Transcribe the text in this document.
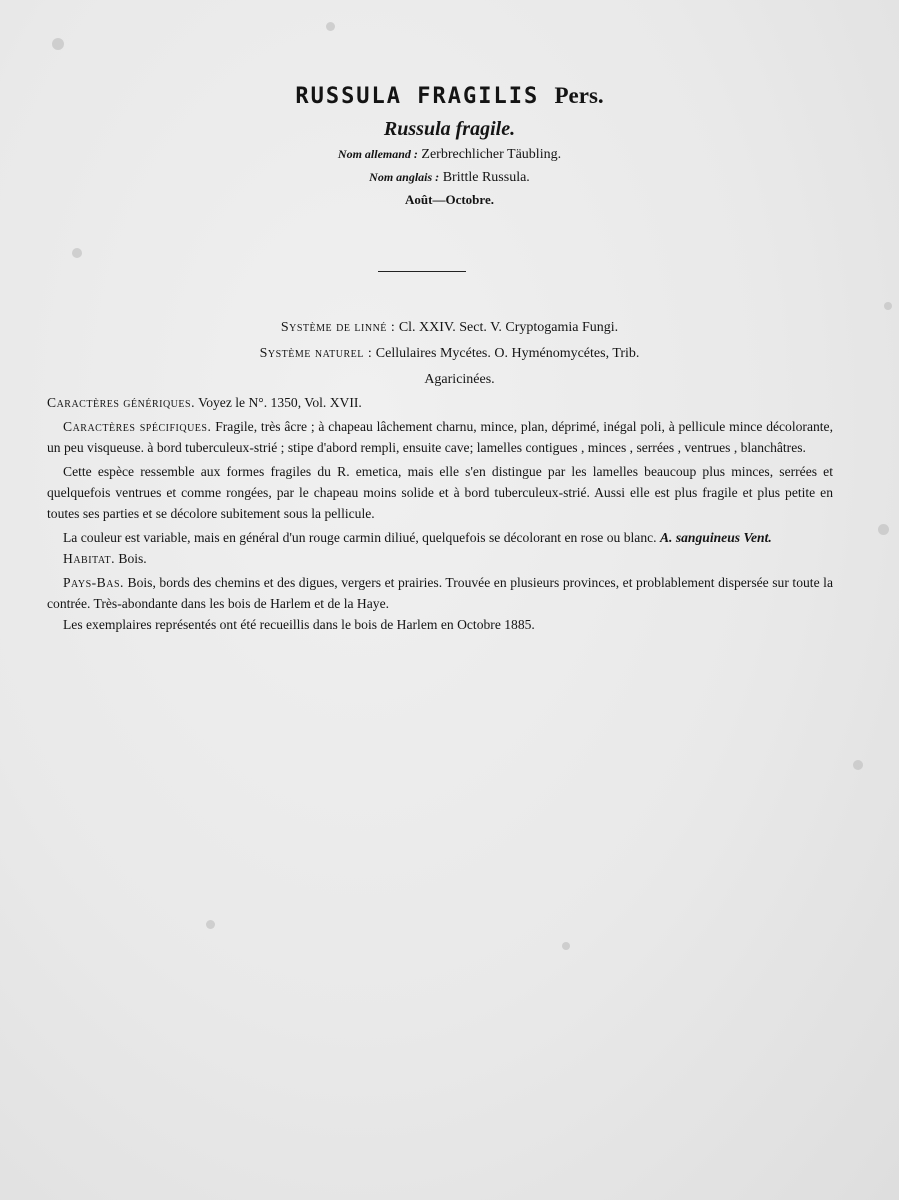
RUSSULA FRAGILIS Pers.
Russula fragile.
Nom allemand : Zerbrechlicher Täubling.
Nom anglais : Brittle Russula.
Août—Octobre.
Système de linné : Cl. XXIV. Sect. V. Cryptogamia Fungi.
Système naturel : Cellulaires Mycétes. O. Hyménomycétes, Trib.
Agaricinées.

Caractères génériques. Voyez le N°. 1350, Vol. XVII.

Caractères spécifiques. Fragile, très âcre ; à chapeau lâchement charnu, mince, plan, déprimé, inégal poli, à pellicule mince décolorante, un peu visqueuse. à bord tuberculeux-strié ; stipe d'abord rempli, ensuite cave; lamelles contigues , minces , serrées , ventrues , blanchâtres.

Cette espèce ressemble aux formes fragiles du R. emetica, mais elle s'en distingue par les lamelles beaucoup plus minces, serrées et quelquefois ventrues et comme rongées, par le chapeau moins solide et à bord tuberculeux-strié. Aussi elle est plus fragile et plus petite en toutes ses parties et se décolore subitement sous la pellicule.

La couleur est variable, mais en général d'un rouge carmin diliué, quelquefois se décolorant en rose ou blanc. A. sanguineus Vent.

Habitat. Bois.

Pays-Bas. Bois, bords des chemins et des digues, vergers et prairies. Trouvée en plusieurs provinces, et problablement dispersée sur toute la contrée. Très-abondante dans les bois de Harlem et de la Haye.

Les exemplaires représentés ont été recueillis dans le bois de Harlem en Octobre 1885.
